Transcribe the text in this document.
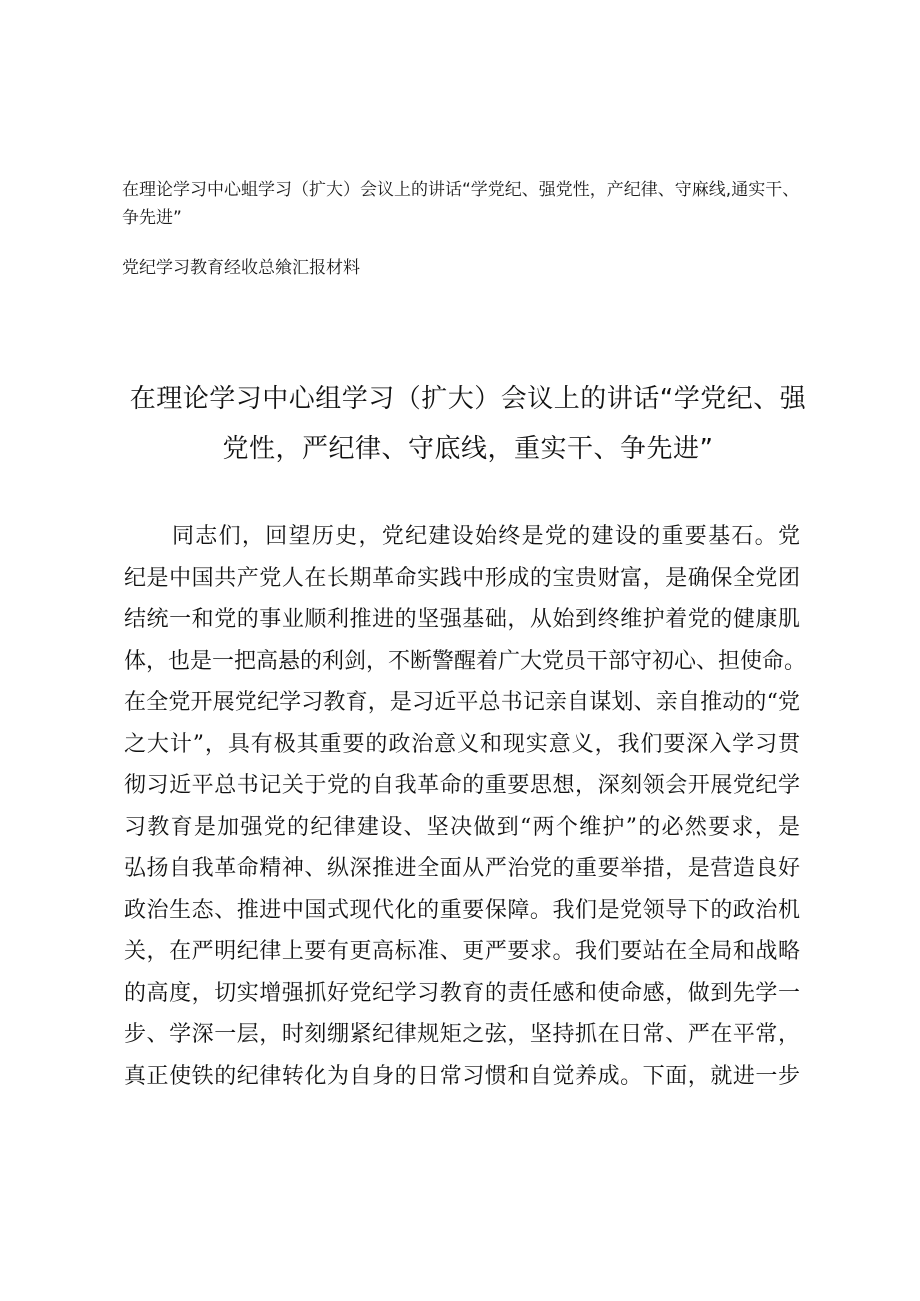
在理论学习中心蛆学习（扩大）会议上的讲话“学党纪、强党性，产纪律、守麻线,通实干、争先进”
党纪学习教育经收总飨汇报材料
在理论学习中心组学习（扩大）会议上的讲话“学党纪、强
党性，严纪律、守底线，重实干、争先进”
同志们，回望历史，党纪建设始终是党的建设的重要基石。党
纪是中国共产党人在长期革命实践中形成的宝贵财富，是确保全党团
结统一和党的事业顺利推进的坚强基础，从始到终维护着党的健康肌
体，也是一把高悬的利剑，不断警醒着广大党员干部守初心、担使命。
在全党开展党纪学习教育，是习近平总书记亲自谋划、亲自推动的“党
之大计”，具有极其重要的政治意义和现实意义，我们要深入学习贯
彻习近平总书记关于党的自我革命的重要思想，深刻领会开展党纪学
习教育是加强党的纪律建设、坚决做到“两个维护”的必然要求，是
弘扬自我革命精神、纵深推进全面从严治党的重要举措，是营造良好
政治生态、推进中国式现代化的重要保障。我们是党领导下的政治机
关，在严明纪律上要有更高标准、更严要求。我们要站在全局和战略
的高度，切实增强抓好党纪学习教育的责任感和使命感，做到先学一
步、学深一层，时刻绷紧纪律规矩之弦，坚持抓在日常、严在平常，
真正使铁的纪律转化为自身的日常习惯和自觉养成。下面，就进一步
